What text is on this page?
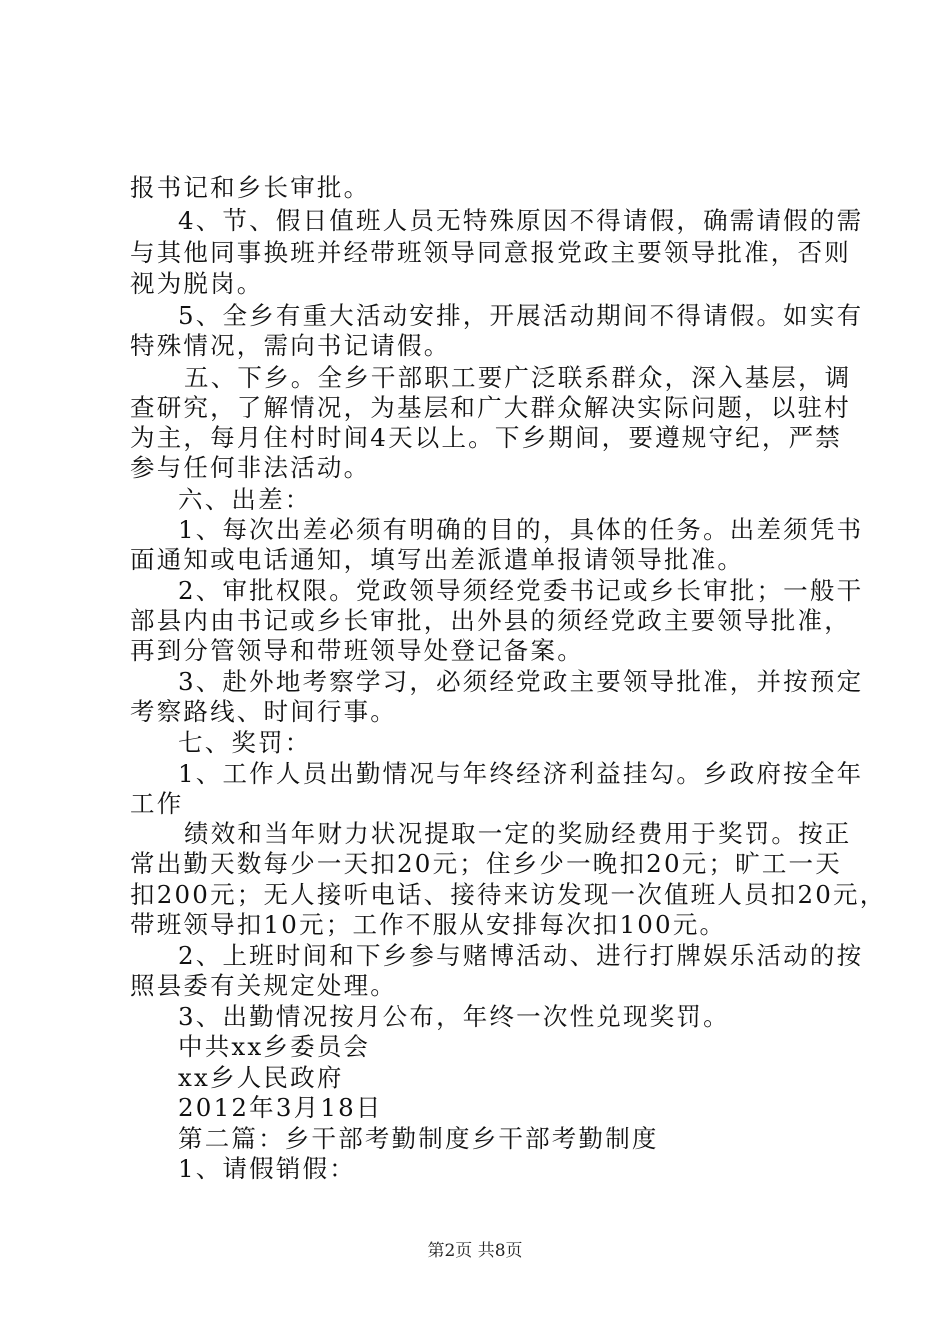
报书记和乡长审批。
4、节、假日值班人员无特殊原因不得请假，确需请假的需
与其他同事换班并经带班领导同意报党政主要领导批准，否则
视为脱岗。
5、全乡有重大活动安排，开展活动期间不得请假。如实有
特殊情况，需向书记请假。
五、下乡。全乡干部职工要广泛联系群众，深入基层，调
查研究，了解情况，为基层和广大群众解决实际问题，以驻村
为主，每月住村时间4天以上。下乡期间，要遵规守纪，严禁
参与任何非法活动。
六、出差：
1、每次出差必须有明确的目的，具体的任务。出差须凭书
面通知或电话通知，填写出差派遣单报请领导批准。
2、审批权限。党政领导须经党委书记或乡长审批；一般干
部县内由书记或乡长审批，出外县的须经党政主要领导批准，
再到分管领导和带班领导处登记备案。
3、赴外地考察学习，必须经党政主要领导批准，并按预定
考察路线、时间行事。
七、奖罚：
1、工作人员出勤情况与年终经济利益挂勾。乡政府按全年
工作
绩效和当年财力状况提取一定的奖励经费用于奖罚。按正
常出勤天数每少一天扣20元；住乡少一晚扣20元；旷工一天
扣200元；无人接听电话、接待来访发现一次值班人员扣20元，
带班领导扣10元；工作不服从安排每次扣100元。
2、上班时间和下乡参与赌博活动、进行打牌娱乐活动的按
照县委有关规定处理。
3、出勤情况按月公布，年终一次性兑现奖罚。
中共xx乡委员会
xx乡人民政府
2012年3月18日
第二篇：乡干部考勤制度乡干部考勤制度
1、请假销假：
第2页 共8页
